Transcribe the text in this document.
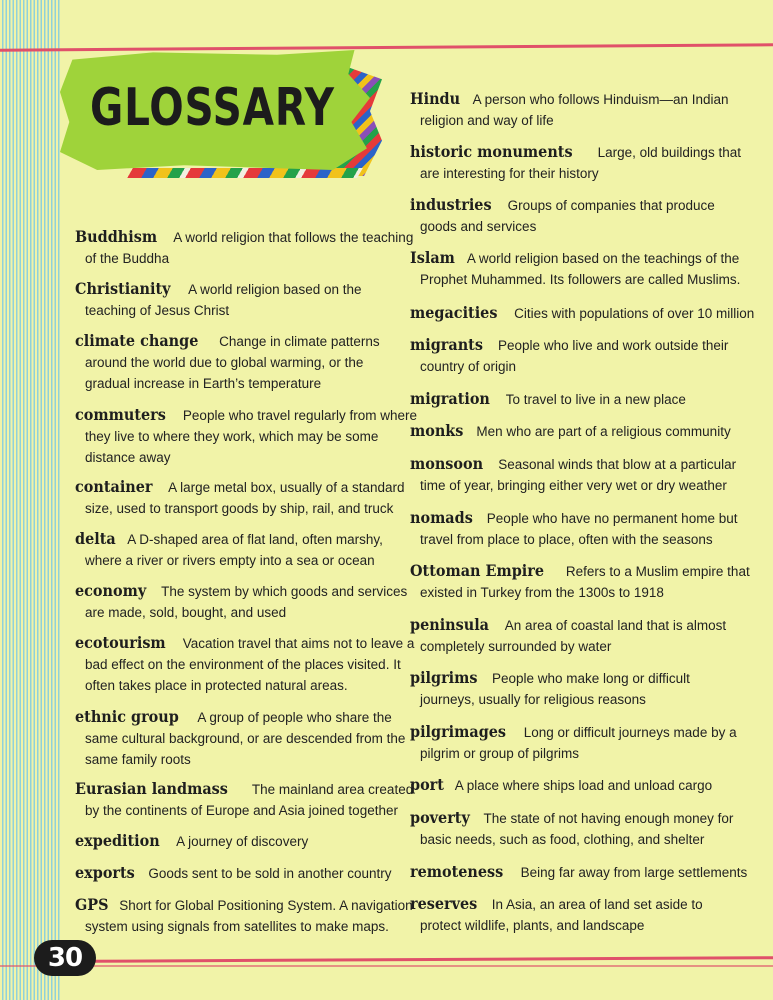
GLOSSARY
Buddhism A world religion that follows the teaching
of the Buddha
Christianity A world religion based on the
teaching of Jesus Christ
climate change Change in climate patterns
around the world due to global warming, or the
gradual increase in Earth’s temperature
commuters People who travel regularly from where
they live to where they work, which may be some
distance away
container A large metal box, usually of a standard
size, used to transport goods by ship, rail, and truck
delta A D-shaped area of flat land, often marshy,
where a river or rivers empty into a sea or ocean
economy The system by which goods and services
are made, sold, bought, and used
ecotourism Vacation travel that aims not to leave a
bad effect on the environment of the places visited. It
often takes place in protected natural areas.
ethnic group A group of people who share the
same cultural background, or are descended from the
same family roots
Eurasian landmass The mainland area created
by the continents of Europe and Asia joined together
expedition A journey of discovery
exports Goods sent to be sold in another country
GPS Short for Global Positioning System. A navigation
system using signals from satellites to make maps.
Hindu A person who follows Hinduism—an Indian
religion and way of life
historic monuments Large, old buildings that
are interesting for their history
industries Groups of companies that produce
goods and services
Islam A world religion based on the teachings of the
Prophet Muhammed. Its followers are called Muslims.
megacities Cities with populations of over 10 million
migrants People who live and work outside their
country of origin
migration To travel to live in a new place
monks Men who are part of a religious community
monsoon Seasonal winds that blow at a particular
time of year, bringing either very wet or dry weather
nomads People who have no permanent home but
travel from place to place, often with the seasons
Ottoman Empire Refers to a Muslim empire that
existed in Turkey from the 1300s to 1918
peninsula An area of coastal land that is almost
completely surrounded by water
pilgrims People who make long or difficult
journeys, usually for religious reasons
pilgrimages Long or difficult journeys made by a
pilgrim or group of pilgrims
port A place where ships load and unload cargo
poverty The state of not having enough money for
basic needs, such as food, clothing, and shelter
remoteness Being far away from large settlements
reserves In Asia, an area of land set aside to
protect wildlife, plants, and landscape
30
